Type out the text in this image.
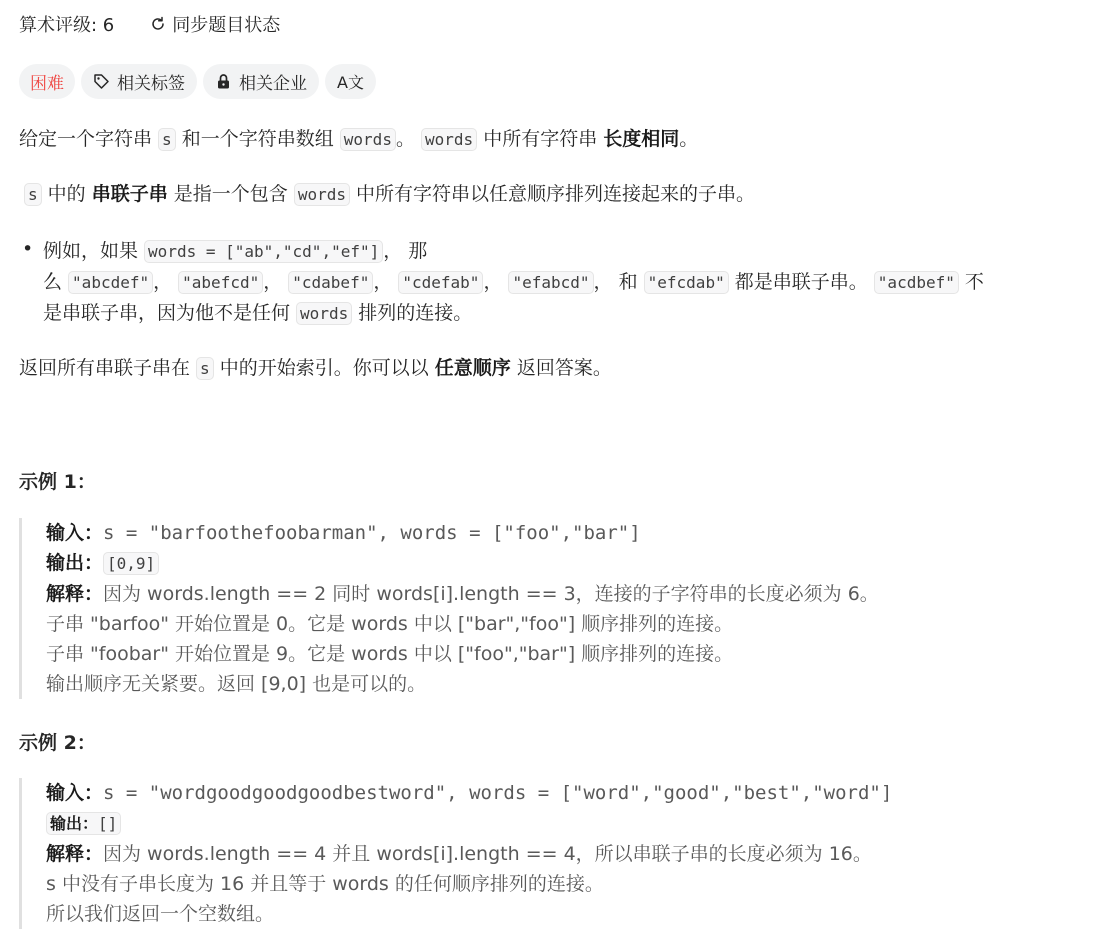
算术评级: 6	同步题目状态
困难	相关标签	相关企业 A文
给定一个字符串 s 和一个字符串数组 words 。 words 中所有字符串 长度相同。
s 中的 串联子串 是指一个包含 words 中所有字符串以任意顺序排列连接起来的子串。
• 例如，如果 words = ["ab","cd","ef"] ， 那
么 "abcdef" ， "abefcd" ， "cdabef" ， "cdefab" ， "efabcd" ， 和 "efcdab" 都是串联子串。 "acdbef" 不
是串联子串，因为他不是任何 words 排列的连接。
返回所有串联子串在 s 中的开始索引。你可以以 任意顺序 返回答案。
示例 1：
输入：s = "barfoothefoobarman", words = ["foo","bar"]
输出： [0,9]
解释：因为 words.length == 2 同时 words[i].length == 3，连接的子字符串的长度必须为 6。
子串 "barfoo" 开始位置是 0。它是 words 中以 ["bar","foo"] 顺序排列的连接。
子串 "foobar" 开始位置是 9。它是 words 中以 ["foo","bar"] 顺序排列的连接。
输出顺序无关紧要。返回 [9,0] 也是可以的。
示例 2：
输入：s = "wordgoodgoodgoodbestword", words = ["word","good","best","word"]
输出：[]
解释：因为 words.length == 4 并且 words[i].length == 4，所以串联子串的长度必须为 16。
s 中没有子串长度为 16 并且等于 words 的任何顺序排列的连接。
所以我们返回一个空数组。
